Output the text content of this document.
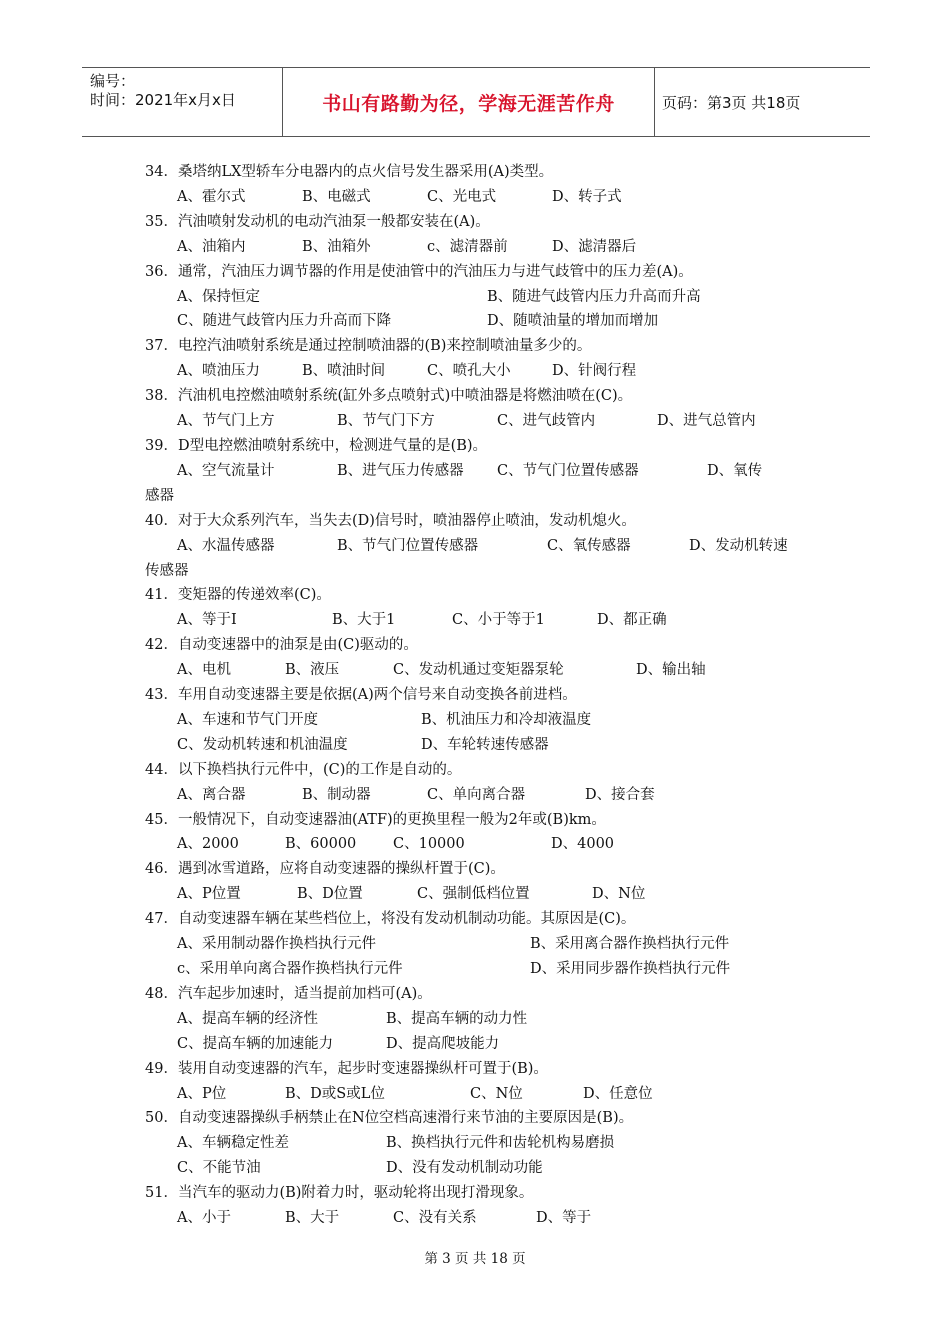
编号：
时间：2021年x月x日	书山有路勤为径，学海无涯苦作舟	页码：第3页 共18页
34．桑塔纳LX型轿车分电器内的点火信号发生器采用(A)类型。
A、霍尔式	B、电磁式	C、光电式	D、转子式
35．汽油喷射发动机的电动汽油泵一般都安装在(A)。
A、油箱内	B、油箱外	c、滤清器前	D、滤清器后
36．通常，汽油压力调节器的作用是使油管中的汽油压力与进气歧管中的压力差(A)。
A、保持恒定	B、随进气歧管内压力升高而升高
C、随进气歧管内压力升高而下降	D、随喷油量的增加而增加
37．电控汽油喷射系统是通过控制喷油器的(B)来控制喷油量多少的。
A、喷油压力	B、喷油时间	C、喷孔大小	D、针阀行程
38．汽油机电控燃油喷射系统(缸外多点喷射式)中喷油器是将燃油喷在(C)。
A、节气门上方	B、节气门下方	C、进气歧管内	D、进气总管内
39．D型电控燃油喷射系统中，检测进气量的是(B)。
A、空气流量计	B、进气压力传感器 C、节气门位置传感器	D、氧传
感器
40．对于大众系列汽车，当失去(D)信号时，喷油器停止喷油，发动机熄火。
A、水温传感器	B、节气门位置传感器	C、氧传感器	D、发动机转速
传感器
41．变矩器的传递效率(C)。
A、等于I	B、大于1	C、小于等于1	D、都正确
42．自动变速器中的油泵是由(C)驱动的。
A、电机	B、液压	C、发动机通过变矩器泵轮	D、输出轴
43．车用自动变速器主要是依据(A)两个信号来自动变换各前进档。
A、车速和节气门开度	B、机油压力和冷却液温度
C、发动机转速和机油温度	D、车轮转速传感器
44．以下换档执行元件中，(C)的工作是自动的。
A、离合器	B、制动器	C、单向离合器	D、接合套
45．一般情况下，自动变速器油(ATF)的更换里程一般为2年或(B)km。
A、2000	B、60000	C、10000	D、4000
46．遇到冰雪道路，应将自动变速器的操纵杆置于(C)。
A、P位置	B、D位置	C、强制低档位置	D、N位
47．自动变速器车辆在某些档位上，将没有发动机制动功能。其原因是(C)。
A、采用制动器作换档执行元件	B、采用离合器作换档执行元件
c、采用单向离合器作换档执行元件	D、采用同步器作换档执行元件
48．汽车起步加速时，适当提前加档可(A)。
A、提高车辆的经济性	B、提高车辆的动力性
C、提高车辆的加速能力	D、提高爬坡能力
49．装用自动变速器的汽车，起步时变速器操纵杆可置于(B)。
A、P位	B、D或S或L位	C、N位	D、任意位
50．自动变速器操纵手柄禁止在N位空档高速滑行来节油的主要原因是(B)。
A、车辆稳定性差	B、换档执行元件和齿轮机构易磨损
C、不能节油	D、没有发动机制动功能
51．当汽车的驱动力(B)附着力时，驱动轮将出现打滑现象。
A、小于	B、大于	C、没有关系	D、等于
第 3 页 共 18 页
